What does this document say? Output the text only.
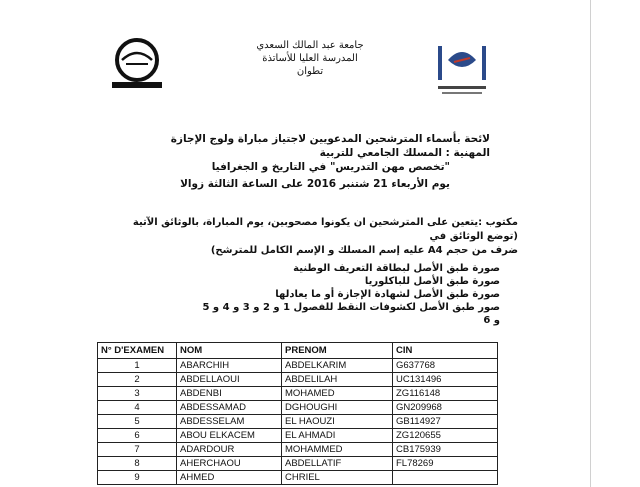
جامعة عبد المالك السعدي
المدرسة العليا للأساتذة
تطوان
لائحة بأسماء المترشحين المدعويين لاجتياز مباراة ولوج الإجازة المهنية : المسلك الجامعي للتربية
"تخصص مهن التدريس" في التاريخ و الجغرافيا
يوم الأربعاء 21 شتنبر 2016 على الساعة الثالثة زوالا
مكتوب :يتعين على المترشحين ان يكونوا مصحوبين، يوم المباراة، بالوثائق الآتية (توضع الوثائق في
ضرف من حجم A4 عليه إسم المسلك و الإسم الكامل للمترشح)
صورة طبق الأصل لبطاقة التعريف الوطنية
صورة طبق الأصل للباكلوريا
صورة طبق الأصل لشهادة الإجازة أو ما يعادلها
صور طبق الأصل لكشوفات النقط للفصول 1 و 2 و 3 و 4 و 5 و 6
N° D'EXAMEN	NOM	PRENOM	CIN
1	ABARCHIH	ABDELKARIM	G637768
2	ABDELLAOUI	ABDELILAH	UC131496
3	ABDENBI	MOHAMED	ZG116148
4	ABDESSAMAD	DGHOUGHI	GN209968
5	ABDESSELAM	EL HAOUZI	GB114927
6	ABOU ELKACEM	EL AHMADI	ZG120655
7	ADARDOUR	MOHAMMED	CB175939
8	AHERCHAOU	ABDELLATIF	FL78269
9	AHMED	CHRIEL	
